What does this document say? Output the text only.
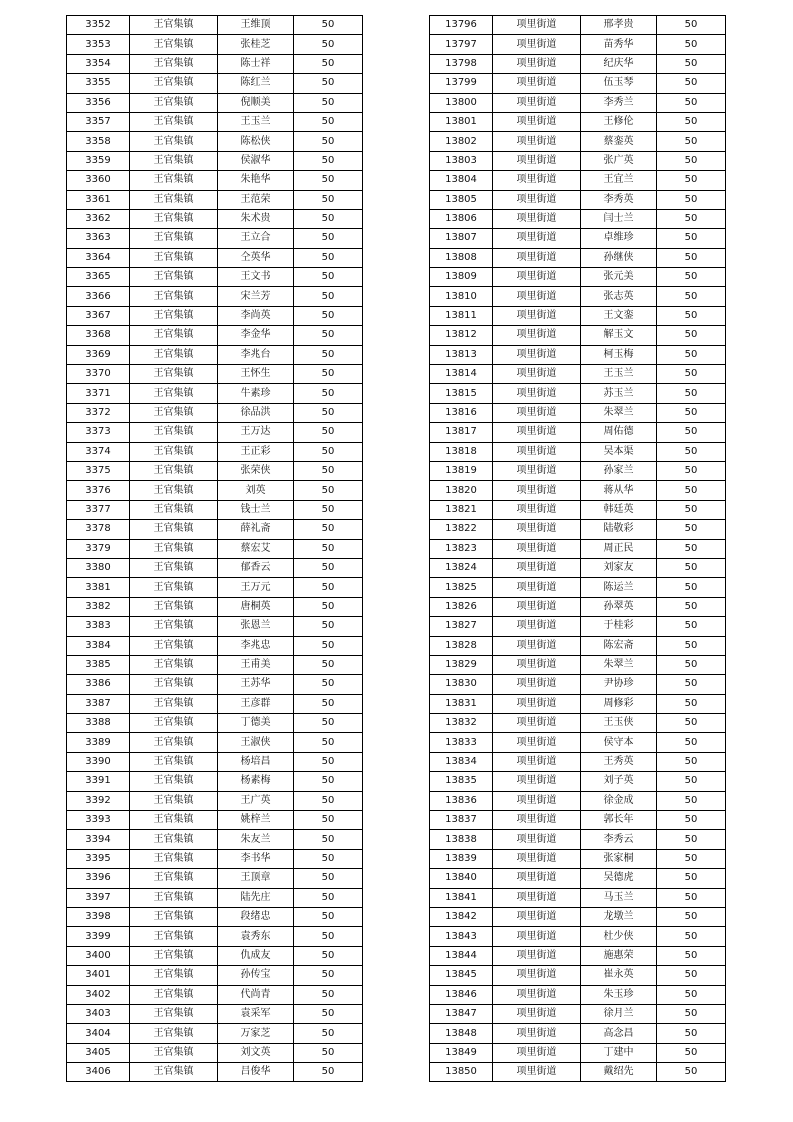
3352	王官集镇	王维顶	50
3353	王官集镇	张桂芝	50
3354	王官集镇	陈士祥	50
3355	王官集镇	陈红兰	50
3356	王官集镇	倪顺美	50
3357	王官集镇	王玉兰	50
3358	王官集镇	陈松侠	50
3359	王官集镇	侯淑华	50
3360	王官集镇	朱艳华	50
3361	王官集镇	王范荣	50
3362	王官集镇	朱术贵	50
3363	王官集镇	王立合	50
3364	王官集镇	仝英华	50
3365	王官集镇	王文书	50
3366	王官集镇	宋兰芳	50
3367	王官集镇	李尚英	50
3368	王官集镇	李金华	50
3369	王官集镇	李兆台	50
3370	王官集镇	王怀生	50
3371	王官集镇	牛素珍	50
3372	王官集镇	徐品洪	50
3373	王官集镇	王万达	50
3374	王官集镇	王正彩	50
3375	王官集镇	张荣侠	50
3376	王官集镇	刘英	50
3377	王官集镇	钱士兰	50
3378	王官集镇	薛礼斋	50
3379	王官集镇	蔡宏艾	50
3380	王官集镇	郁香云	50
3381	王官集镇	王万元	50
3382	王官集镇	唐桐英	50
3383	王官集镇	张恩兰	50
3384	王官集镇	李兆忠	50
3385	王官集镇	王甫美	50
3386	王官集镇	王苏华	50
3387	王官集镇	王彦群	50
3388	王官集镇	丁德美	50
3389	王官集镇	王淑侠	50
3390	王官集镇	杨培昌	50
3391	王官集镇	杨素梅	50
3392	王官集镇	王广英	50
3393	王官集镇	姚梓兰	50
3394	王官集镇	朱友兰	50
3395	王官集镇	李书华	50
3396	王官集镇	王顶章	50
3397	王官集镇	陆先庄	50
3398	王官集镇	段绪忠	50
3399	王官集镇	袁秀东	50
3400	王官集镇	仇成友	50
3401	王官集镇	孙传宝	50
3402	王官集镇	代尚青	50
3403	王官集镇	袁采军	50
3404	王官集镇	万家芝	50
3405	王官集镇	刘文英	50
3406	王官集镇	吕俊华	50
13796	项里街道	邢孝贵	50
13797	项里街道	苗秀华	50
13798	项里街道	纪庆华	50
13799	项里街道	伍玉琴	50
13800	项里街道	李秀兰	50
13801	项里街道	王修伦	50
13802	项里街道	蔡銮英	50
13803	项里街道	张广英	50
13804	项里街道	王宜兰	50
13805	项里街道	李秀英	50
13806	项里街道	闫士兰	50
13807	项里街道	卓维珍	50
13808	项里街道	孙继侠	50
13809	项里街道	张元美	50
13810	项里街道	张志英	50
13811	项里街道	王文銮	50
13812	项里街道	解玉文	50
13813	项里街道	柯玉梅	50
13814	项里街道	王玉兰	50
13815	项里街道	苏玉兰	50
13816	项里街道	朱翠兰	50
13817	项里街道	周佑德	50
13818	项里街道	吴本渠	50
13819	项里街道	孙家兰	50
13820	项里街道	蒋从华	50
13821	项里街道	韩廷英	50
13822	项里街道	陆敬彩	50
13823	项里街道	周正民	50
13824	项里街道	刘家友	50
13825	项里街道	陈运兰	50
13826	项里街道	孙翠英	50
13827	项里街道	于桂彩	50
13828	项里街道	陈宏斋	50
13829	项里街道	朱翠兰	50
13830	项里街道	尹协珍	50
13831	项里街道	周修彩	50
13832	项里街道	王玉侠	50
13833	项里街道	侯守本	50
13834	项里街道	王秀英	50
13835	项里街道	刘子英	50
13836	项里街道	徐金成	50
13837	项里街道	郭长年	50
13838	项里街道	李秀云	50
13839	项里街道	张家桐	50
13840	项里街道	吴德虎	50
13841	项里街道	马玉兰	50
13842	项里街道	龙墩兰	50
13843	项里街道	杜少侠	50
13844	项里街道	施惠荣	50
13845	项里街道	崔永英	50
13846	项里街道	朱玉珍	50
13847	项里街道	徐月兰	50
13848	项里街道	高念昌	50
13849	项里街道	丁建中	50
13850	项里街道	戴绍先	50
